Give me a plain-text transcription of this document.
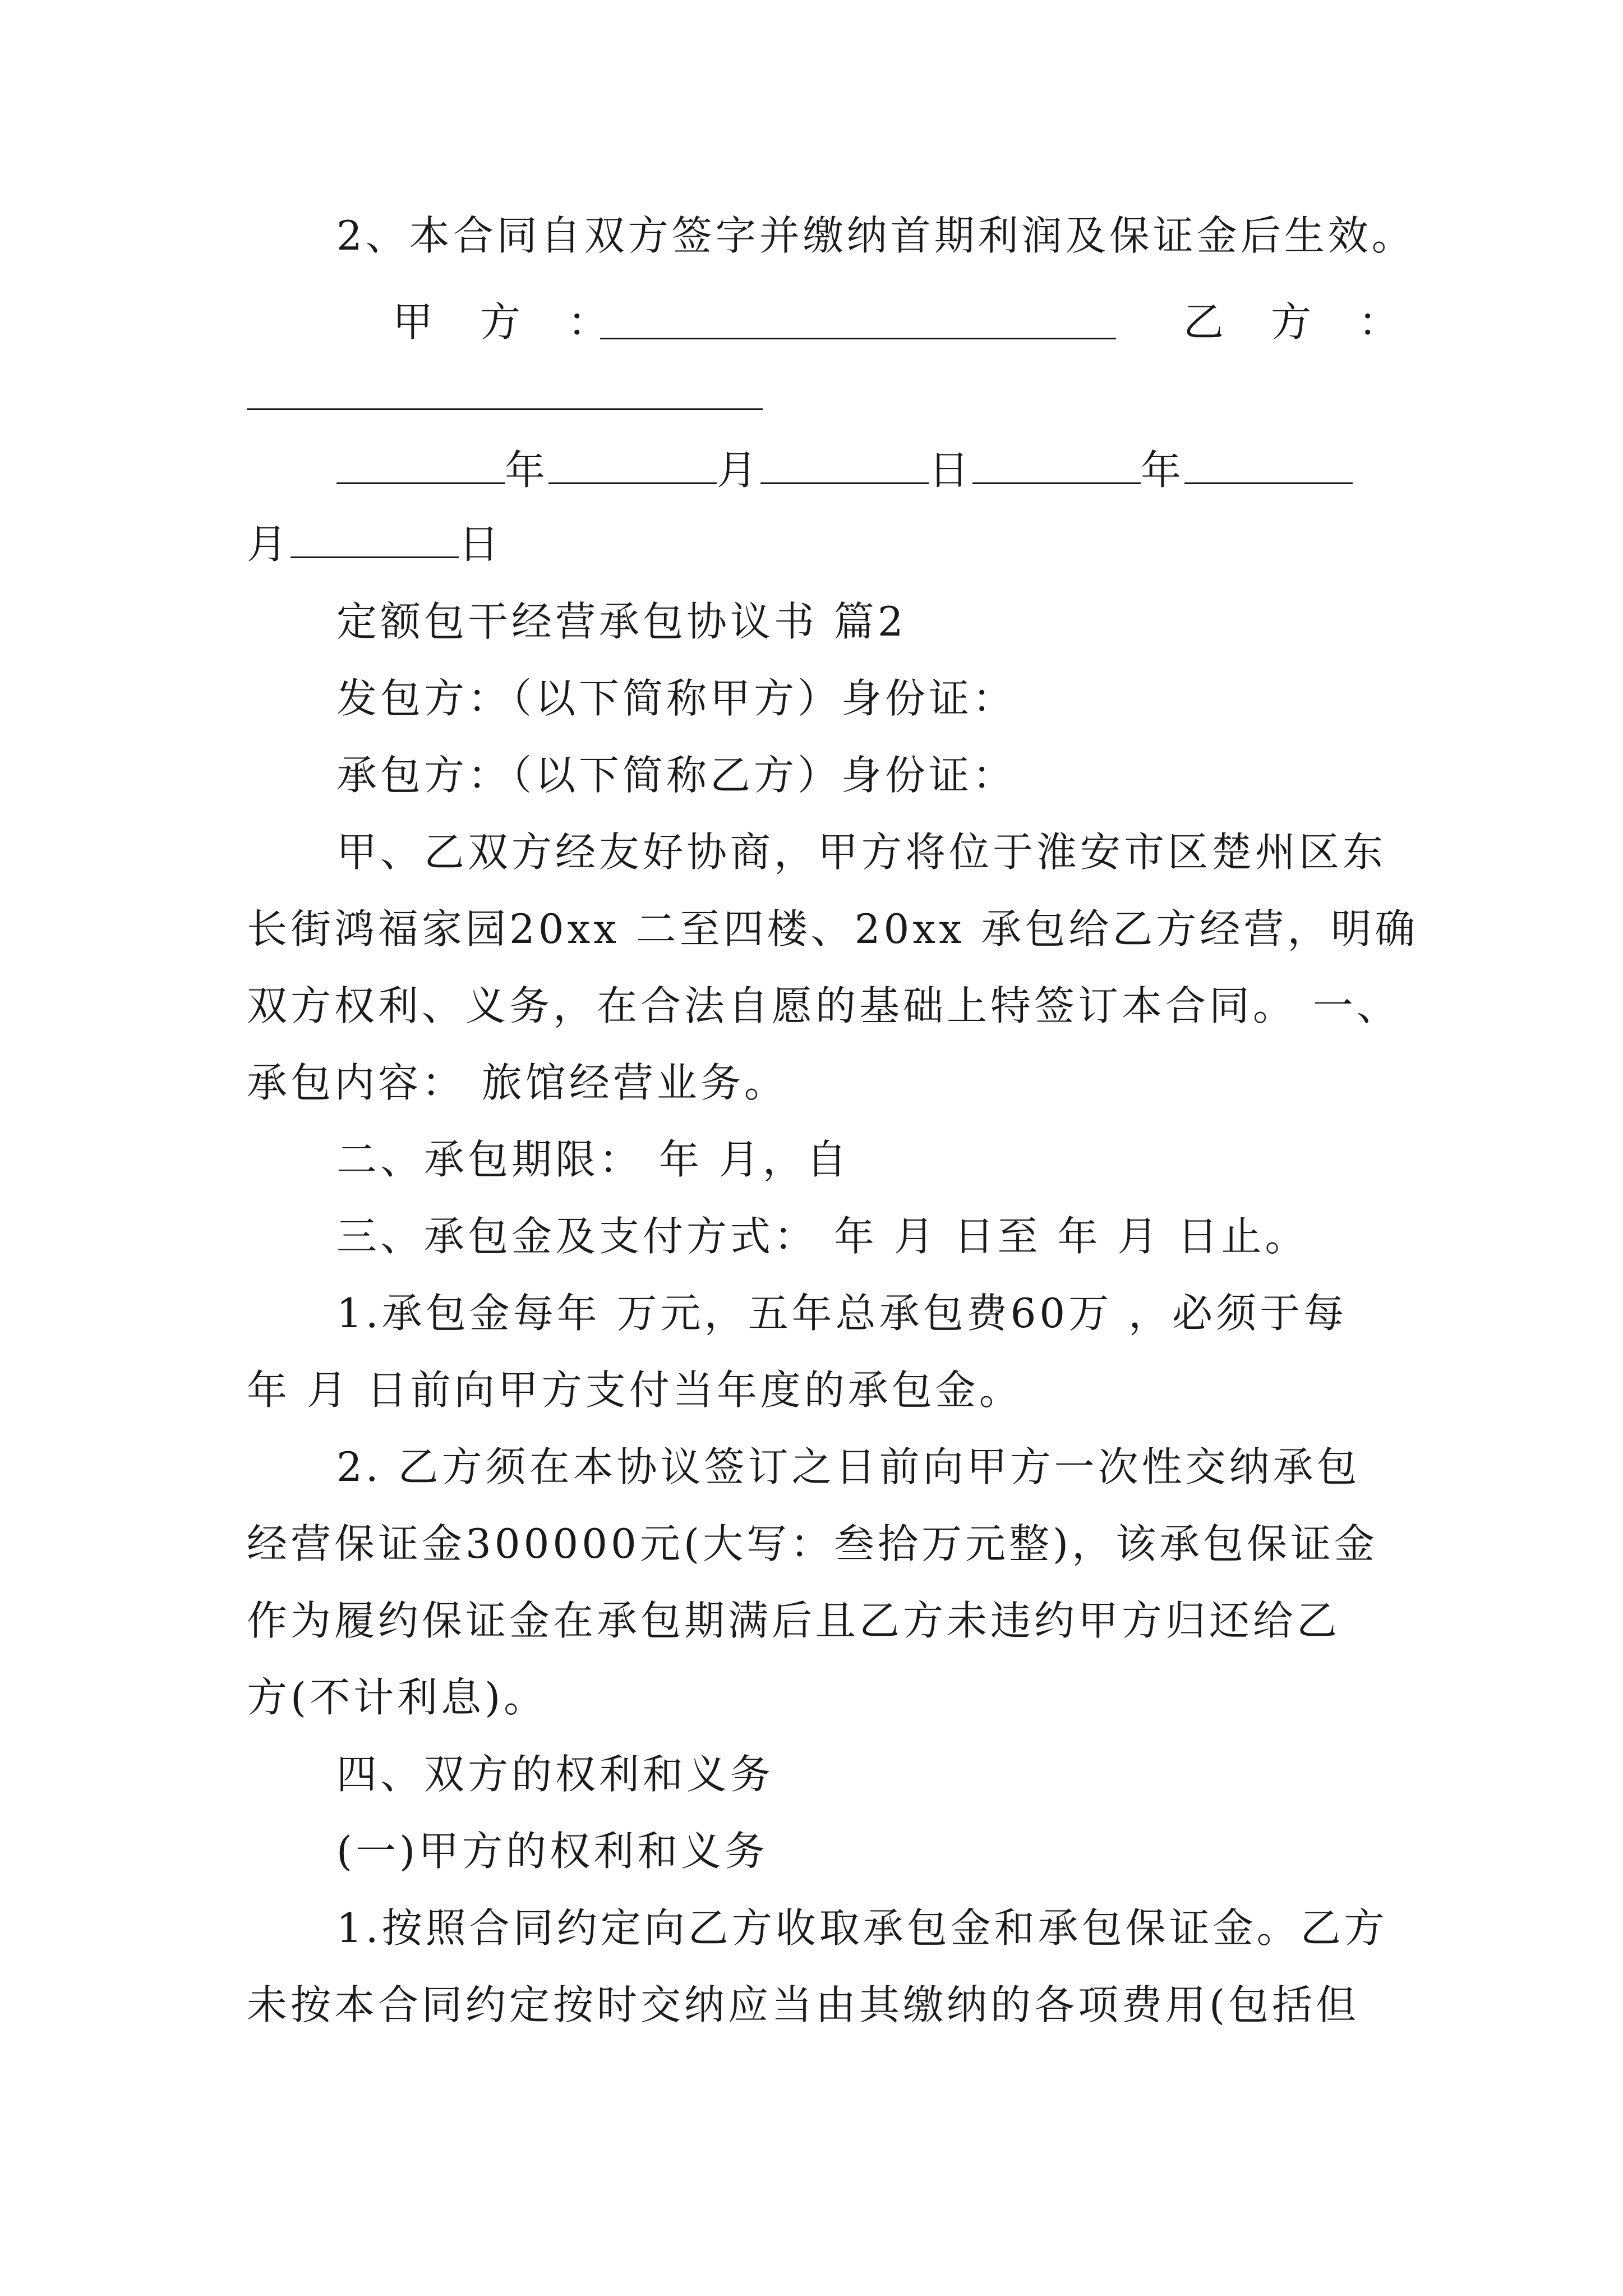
2、本合同自双方签字并缴纳首期利润及保证金后生效。
甲　方　：	乙　方　：
年	月	日	年
月	日
定额包干经营承包协议书 篇2
发包方：（以下简称甲方）身份证：
承包方：（以下简称乙方）身份证：
甲、乙双方经友好协商，甲方将位于淮安市区楚州区东
长街鸿福家园20xx 二至四楼、20xx 承包给乙方经营，明确
双方权利、义务，在合法自愿的基础上特签订本合同。 一、
承包内容： 旅馆经营业务。
二、承包期限： 年 月，自
三、承包金及支付方式： 年 月 日至 年 月 日止。
1.承包金每年 万元，五年总承包费60万 ，必须于每
年 月 日前向甲方支付当年度的承包金。
2. 乙方须在本协议签订之日前向甲方一次性交纳承包
经营保证金300000元(大写：叁拾万元整)，该承包保证金
作为履约保证金在承包期满后且乙方未违约甲方归还给乙
方(不计利息)。
四、双方的权利和义务
(一)甲方的权利和义务
1.按照合同约定向乙方收取承包金和承包保证金。乙方
未按本合同约定按时交纳应当由其缴纳的各项费用(包括但
